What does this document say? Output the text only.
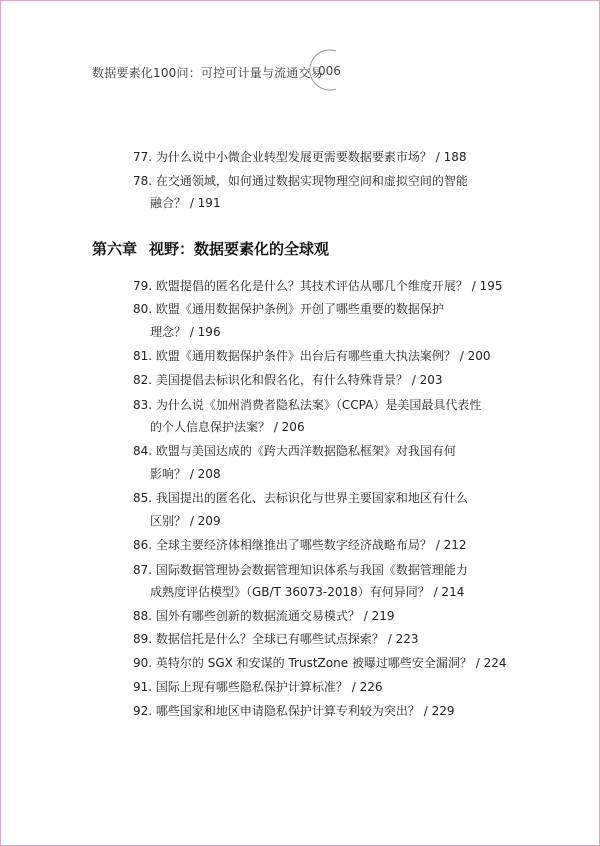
数据要素化100问：可控可计量与流通交易
006
77. 为什么说中小微企业转型发展更需要数据要素市场？ / 188
78. 在交通领域，如何通过数据实现物理空间和虚拟空间的智能
融合？ / 191
第六章 视野：数据要素化的全球观
79. 欧盟提倡的匿名化是什么？其技术评估从哪几个维度开展？ / 195
80. 欧盟《通用数据保护条例》开创了哪些重要的数据保护
理念？ / 196
81. 欧盟《通用数据保护条件》出台后有哪些重大执法案例？ / 200
82. 美国提倡去标识化和假名化，有什么特殊背景？ / 203
83. 为什么说《加州消费者隐私法案》（CCPA）是美国最具代表性
的个人信息保护法案？ / 206
84. 欧盟与美国达成的《跨大西洋数据隐私框架》对我国有何
影响？ / 208
85. 我国提出的匿名化、去标识化与世界主要国家和地区有什么
区别？ / 209
86. 全球主要经济体相继推出了哪些数字经济战略布局？ / 212
87. 国际数据管理协会数据管理知识体系与我国《数据管理能力
成熟度评估模型》（GB/T 36073-2018）有何异同？ / 214
88. 国外有哪些创新的数据流通交易模式？ / 219
89. 数据信托是什么？全球已有哪些试点探索？ / 223
90. 英特尔的 SGX 和安谋的 TrustZone 被曝过哪些安全漏洞？ / 224
91. 国际上现有哪些隐私保护计算标准？ / 226
92. 哪些国家和地区申请隐私保护计算专利较为突出？ / 229
